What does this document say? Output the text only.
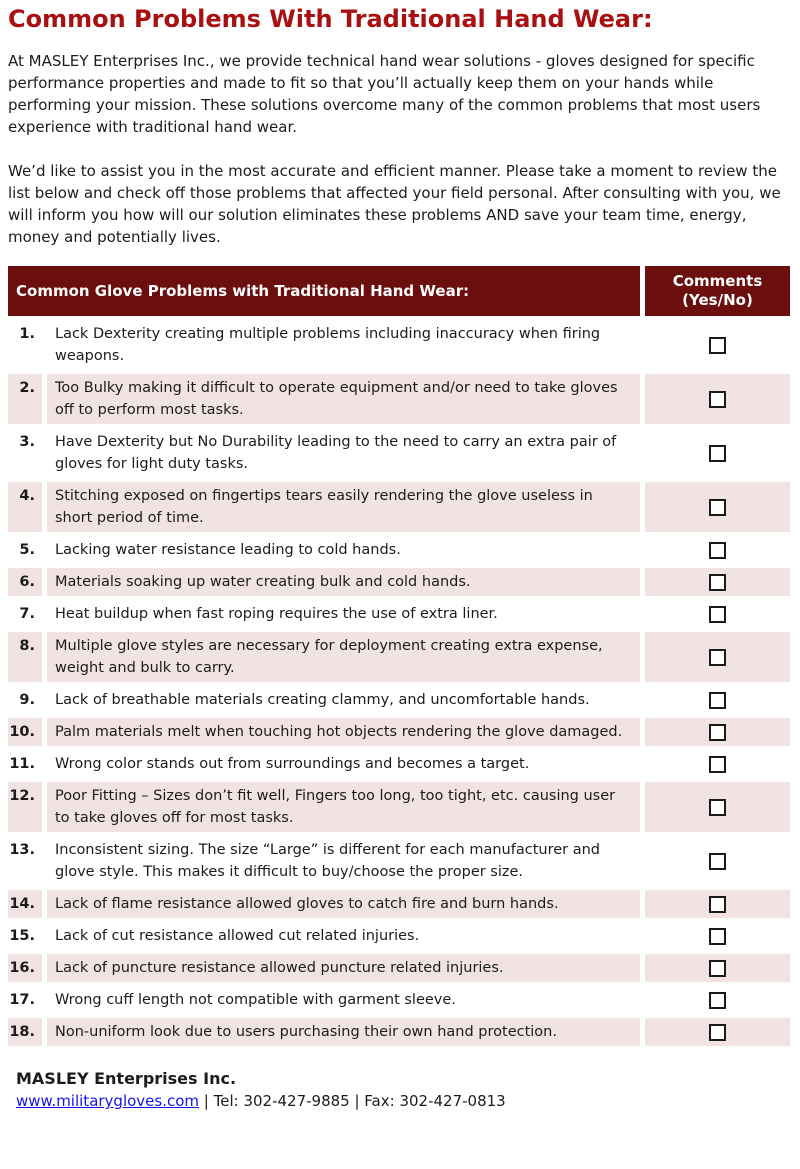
Common Problems With Traditional Hand Wear:

At MASLEY Enterprises Inc., we provide technical hand wear solutions - gloves designed for specific performance properties and made to fit so that you’ll actually keep them on your hands while performing your mission. These solutions overcome many of the common problems that most users experience with traditional hand wear.

We’d like to assist you in the most accurate and efficient manner. Please take a moment to review the list below and check off those problems that affected your field personal. After consulting with you, we will inform you how will our solution eliminates these problems AND save your team time, energy, money and potentially lives.

Common Glove Problems with Traditional Hand Wear:
Comments
(Yes/No)
1.	Lack Dexterity creating multiple problems including inaccuracy when firing weapons.
2.	Too Bulky making it difficult to operate equipment and/or need to take gloves off to perform most tasks.
3.	Have Dexterity but No Durability leading to the need to carry an extra pair of gloves for light duty tasks.
4.	Stitching exposed on fingertips tears easily rendering the glove useless in short period of time.
5.	Lacking water resistance leading to cold hands.
6.	Materials soaking up water creating bulk and cold hands.
7.	Heat buildup when fast roping requires the use of extra liner.
8.	Multiple glove styles are necessary for deployment creating extra expense, weight and bulk to carry.
9.	Lack of breathable materials creating clammy, and uncomfortable hands.
10.	Palm materials melt when touching hot objects rendering the glove damaged.
11.	Wrong color stands out from surroundings and becomes a target.
12.	Poor Fitting – Sizes don’t fit well, Fingers too long, too tight, etc. causing user to take gloves off for most tasks.
13.	Inconsistent sizing. The size “Large” is different for each manufacturer and glove style. This makes it difficult to buy/choose the proper size.
14.	Lack of flame resistance allowed gloves to catch fire and burn hands.
15.	Lack of cut resistance allowed cut related injuries.
16.	Lack of puncture resistance allowed puncture related injuries.
17.	Wrong cuff length not compatible with garment sleeve.
18.	Non-uniform look due to users purchasing their own hand protection.
MASLEY Enterprises Inc.
www.militarygloves.com | Tel: 302-427-9885 | Fax: 302-427-0813
